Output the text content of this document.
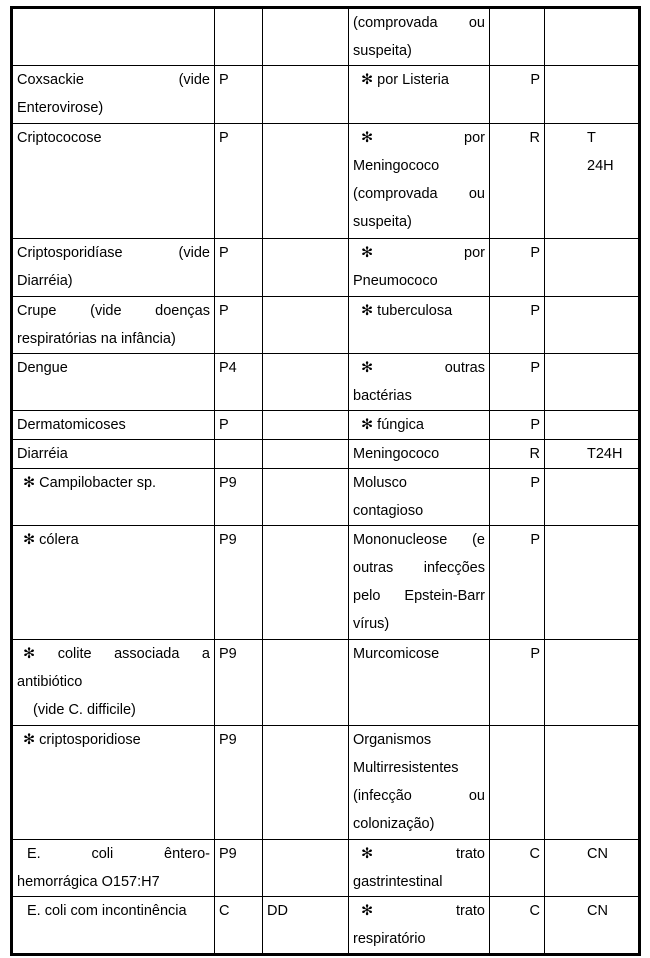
			(comprovada ou
suspeita)		

Coxsackie (vide
Enterovirose)	P		✻ por Listeria	P	

Criptococose	P		✻ por
Meningococo
(comprovada ou
suspeita)	R	T
24H

Criptosporidíase (vide
Diarréia)	P		✻ por
Pneumococo	P	

Crupe (vide doenças
respiratórias na infância)	P		✻ tuberculosa	P	

Dengue	P4		✻ outras
bactérias	P	

Dermatomicoses	P		✻ fúngica	P	

Diarréia			Meningococo	R	T24H

✻ Campilobacter sp.	P9		Molusco
contagioso	P	

✻ cólera	P9		Mononucleose (e
outras infecções
pelo Epstein-Barr
vírus)	P	

✻ colite associada a
antibiótico
(vide C. difficile)	P9		Murcomicose	P	

✻ criptosporidiose	P9		Organismos
Multirresistentes
(infecção ou
colonização)		

E. coli êntero-
hemorrágica O157:H7	P9		✻ trato
gastrintestinal	C	CN

E. coli com incontinência	C	DD	✻ trato
respiratório	C	CN
